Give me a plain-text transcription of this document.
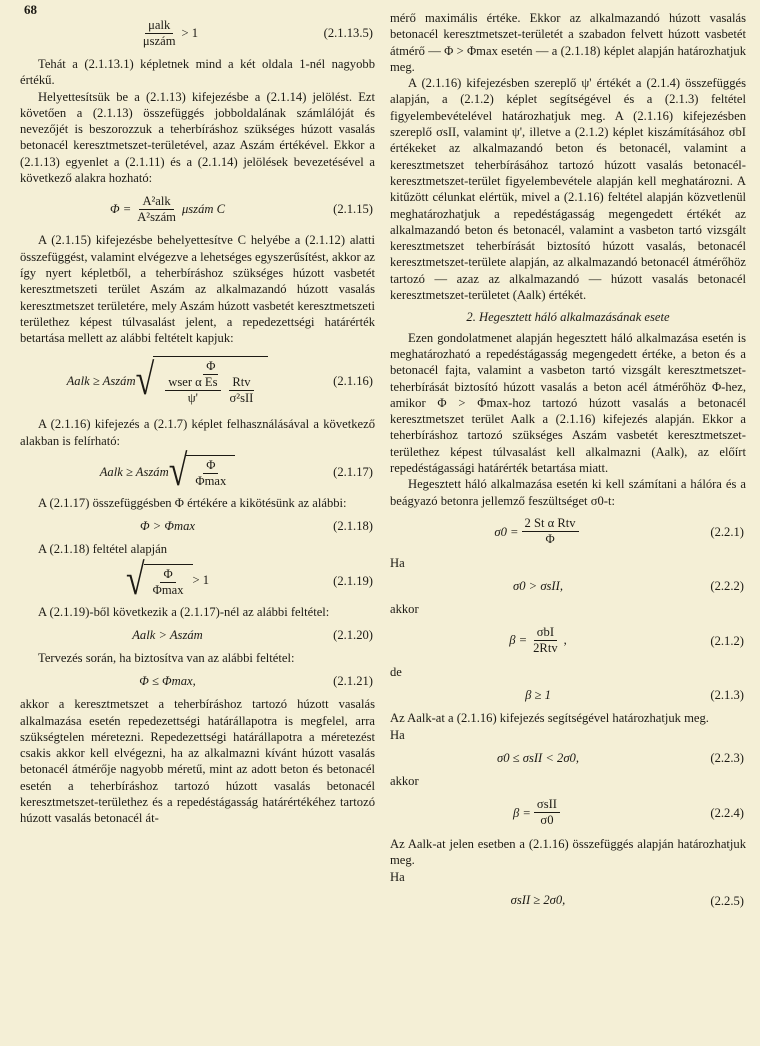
68
$\frac{\text{μalk}}{\text{μszám}} > 1$	(2.1.13.5)

Tehát a (2.1.13.1) képletnek mind a két oldala 1-nél nagyobb értékű.

Helyettesítsük be a (2.1.13) kifejezésbe a (2.1.14) jelölést. Ezt követően a (2.1.13) összefüggés jobboldalának számlálóját és nevezőjét is beszorozzuk a teherbíráshoz szükséges húzott vasalás betonacél keresztmetszet-területével, azaz Aszám értékével. Ekkor a (2.1.13) egyenlet a (2.1.11) és a (2.1.14) jelölések bevezetésével a következő alakra hozható:

$\Phi = \frac{\text{A²alk}}{\text{A²szám}}$ μszám C	(2.1.15)

A (2.1.15) kifejezésbe behelyettesítve C helyébe a (2.1.12) alatti összefüggést, valamint elvégezve a lehetséges egyszerűsítést, akkor az így nyert képletből, a teherbíráshoz szükséges húzott vasbetét keresztmetszeti terület Aszám az alkalmazandó húzott vasalás keresztmetszet területére, mely Aszám húzott vasbetét keresztmetszeti területhez képest túlvasalást jelent, a repedezettségi határérték betartása mellett az alábbi feltételt kapjuk:

Aalk ≥ Aszám √ $\frac{\Phi}{\frac{\text{wser α Es}}{\psi'} \frac{\text{Rtv}}{\text{σ²sII}}}$	(2.1.16)

A (2.1.16) kifejezés a (2.1.7) képlet felhasználásával a következő alakban is felírható:

Aalk ≥ Aszám √ $\frac{\Phi}{\Phi\max}$	(2.1.17)

A (2.1.17) összefüggésben Φ értékére a kikötésünk az alábbi:

Φ > Φmax	(2.1.18)

A (2.1.18) feltétel alapján

√ $\frac{\Phi}{\Phi\max} > 1$	(2.1.19)

A (2.1.19)-ből következik a (2.1.17)-nél az alábbi feltétel:

Aalk > Aszám	(2.1.20)

Tervezés során, ha biztosítva van az alábbi feltétel:

Φ ≤ Φmax,	(2.1.21)

akkor a keresztmetszet a teherbíráshoz tartozó húzott vasalás alkalmazása esetén repedezettségi határállapotra is megfelel, arra szükségtelen méretezni. Repedezettségi határállapotra a méretezést csakis akkor kell elvégezni, ha az alkalmazni kívánt húzott vasalás betonacél átmérője nagyobb méretű, mint az adott beton és betonacél esetén a teherbíráshoz tartozó húzott vasalás betonacél keresztmetszet-területhez és a repedéstágasság határértékéhez tartozó húzott vasalás betonacél át-

mérő maximális értéke. Ekkor az alkalmazandó húzott vasalás betonacél keresztmetszet-területét a szabadon felvett húzott vasbetét átmérő — Φ > Φmax esetén — a (2.1.18) képlet alapján határozhatjuk meg.

A (2.1.16) kifejezésben szereplő ψ' értékét a (2.1.4) összefüggés alapján, a (2.1.2) képlet segítségével és a (2.1.3) feltétel figyelembevételével határozhatjuk meg. A (2.1.16) kifejezésben szereplő σsII, valamint ψ', illetve a (2.1.2) képlet kiszámításához σbI értékeket az alkalmazandó beton és betonacél, valamint a keresztmetszet teherbírásához tartozó húzott vasalás betonacél-keresztmetszet-terület figyelembevétele alapján kell meghatározni. A kitűzött célunkat elértük, mivel a (2.1.16) feltétel alapján közvetlenül meghatározhatjuk a repedéstágasság megengedett értékét az alkalmazandó beton és betonacél, valamint a vasbeton tartó vizsgált keresztmetszet teherbírását biztosító húzott vasalás, betonacél keresztmetszet-területe alapján, az alkalmazandó betonacél átmérőhöz tartozó — azaz az alkalmazandó — húzott vasalás betonacél keresztmetszet-területet (Aalk) értékét.

2. Hegesztett háló alkalmazásának esete

Ezen gondolatmenet alapján hegesztett háló alkalmazása esetén is meghatározható a repedéstágasság megengedett értéke, a beton és a betonacél fajta, valamint a vasbeton tartó vizsgált keresztmetszet-teherbírását biztosító húzott vasalás a beton acél átmérőhöz Φ-hez, amikor Φ > Φmax-hoz tartozó húzott vasalás a betonacél keresztmetszet terület Aalk a (2.1.16) kifejezés alapján. Ekkor a teherbíráshoz tartozó szükséges Aszám vasbetét keresztmetszet-területhez képest túlvasalást kell alkalmazni (Aalk), az előírt repedéstágassági határérték betartása miatt.

Hegesztett háló alkalmazása esetén ki kell számítani a hálóra és a beágyazó betonra jellemző feszültséget σ0-t:

$\sigma 0 = \frac{\text{2 St α Rtv}}{\Phi}$	(2.2.1)
Ha
σ0 > σsII,	(2.2.2)
akkor
$\beta = \frac{\text{σbI}}{\text{2Rtv}}$ ,	(2.1.2)
de
β ≥ 1	(2.1.3)

Az Aalk-at a (2.1.16) kifejezés segítségével határozhatjuk meg.

Ha
σ0 ≤ σsII < 2σ0,	(2.2.3)
akkor
$\beta = \frac{\text{σsII}}{\sigma 0}$	(2.2.4)

Az Aalk-at jelen esetben a (2.1.16) összefüggés alapján határozhatjuk meg.

Ha
σsII ≥ 2σ0,	(2.2.5)
